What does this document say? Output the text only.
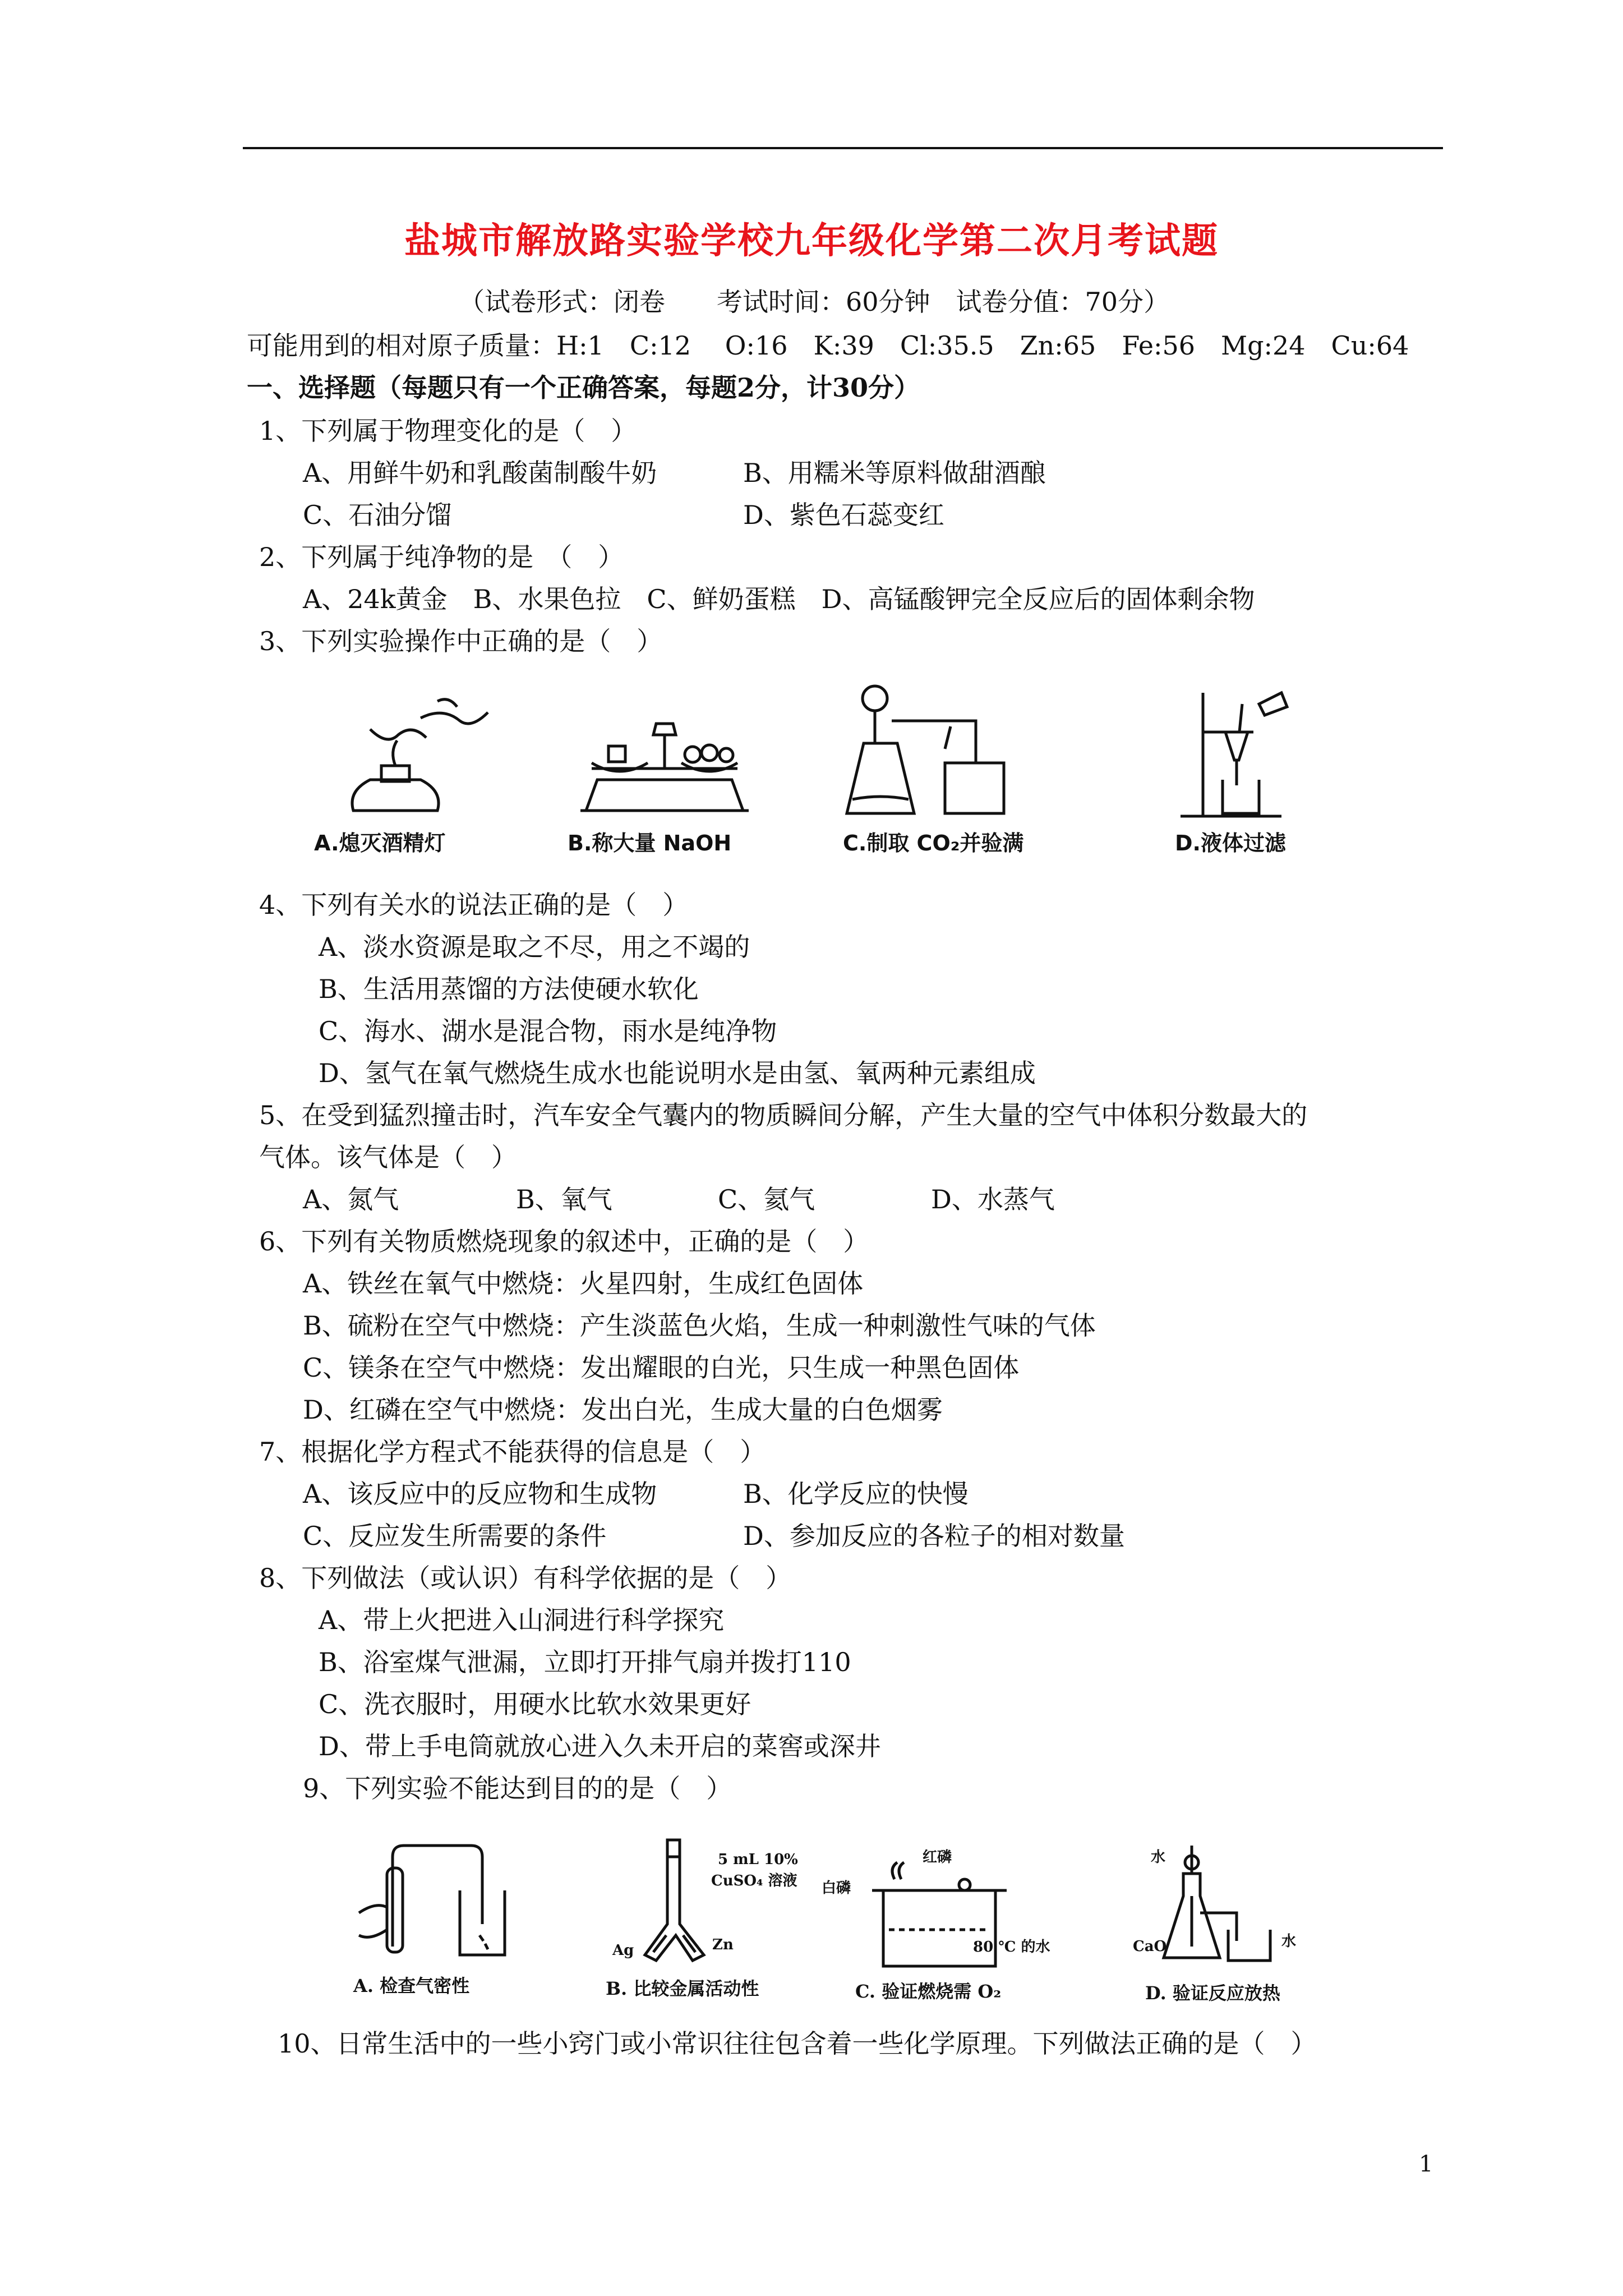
盐城市解放路实验学校九年级化学第二次月考试题
（试卷形式：闭卷　　考试时间：60分钟　试卷分值：70分）
可能用到的相对原子质量：H:1　C:12　 O:16　K:39　Cl:35.5　Zn:65　Fe:56　Mg:24　Cu:64
一、选择题（每题只有一个正确答案，每题2分，计30分）
1、下列属于物理变化的是（　）
A、用鲜牛奶和乳酸菌制酸牛奶	B、用糯米等原料做甜酒酿
C、石油分馏	D、紫色石蕊变红
2、下列属于纯净物的是　（　）
A、24k黄金　B、水果色拉　C、鲜奶蛋糕　D、高锰酸钾完全反应后的固体剩余物
3、下列实验操作中正确的是（　）
A.熄灭酒精灯	B.称大量 NaOH	C.制取 CO₂并验满	D.液体过滤
4、下列有关水的说法正确的是（　）
A、淡水资源是取之不尽，用之不竭的
B、生活用蒸馏的方法使硬水软化
C、海水、湖水是混合物，雨水是纯净物
D、氢气在氧气燃烧生成水也能说明水是由氢、氧两种元素组成
5、在受到猛烈撞击时，汽车安全气囊内的物质瞬间分解，产生大量的空气中体积分数最大的
气体。该气体是（　）
A、氮气	B、氧气	C、氦气	D、水蒸气
6、下列有关物质燃烧现象的叙述中，正确的是（　）
A、铁丝在氧气中燃烧：火星四射，生成红色固体
B、硫粉在空气中燃烧：产生淡蓝色火焰，生成一种刺激性气味的气体
C、镁条在空气中燃烧：发出耀眼的白光，只生成一种黑色固体
D、红磷在空气中燃烧：发出白光，生成大量的白色烟雾
7、根据化学方程式不能获得的信息是（　）
A、该反应中的反应物和生成物	B、化学反应的快慢
C、反应发生所需要的条件	D、参加反应的各粒子的相对数量
8、下列做法（或认识）有科学依据的是（　）
A、带上火把进入山洞进行科学探究
B、浴室煤气泄漏，立即打开排气扇并拨打110
C、洗衣服时，用硬水比软水效果更好
D、带上手电筒就放心进入久未开启的菜窖或深井
9、下列实验不能达到目的的是（　）
A. 检查气密性
5 mL 10%
CuSO₄ 溶液
Ag	Zn
B. 比较金属活动性
白磷
红磷
80 ℃ 的水
C. 验证燃烧需 O₂
水
CaO	水
D. 验证反应放热
10、日常生活中的一些小窍门或小常识往往包含着一些化学原理。下列做法正确的是（　）
1
